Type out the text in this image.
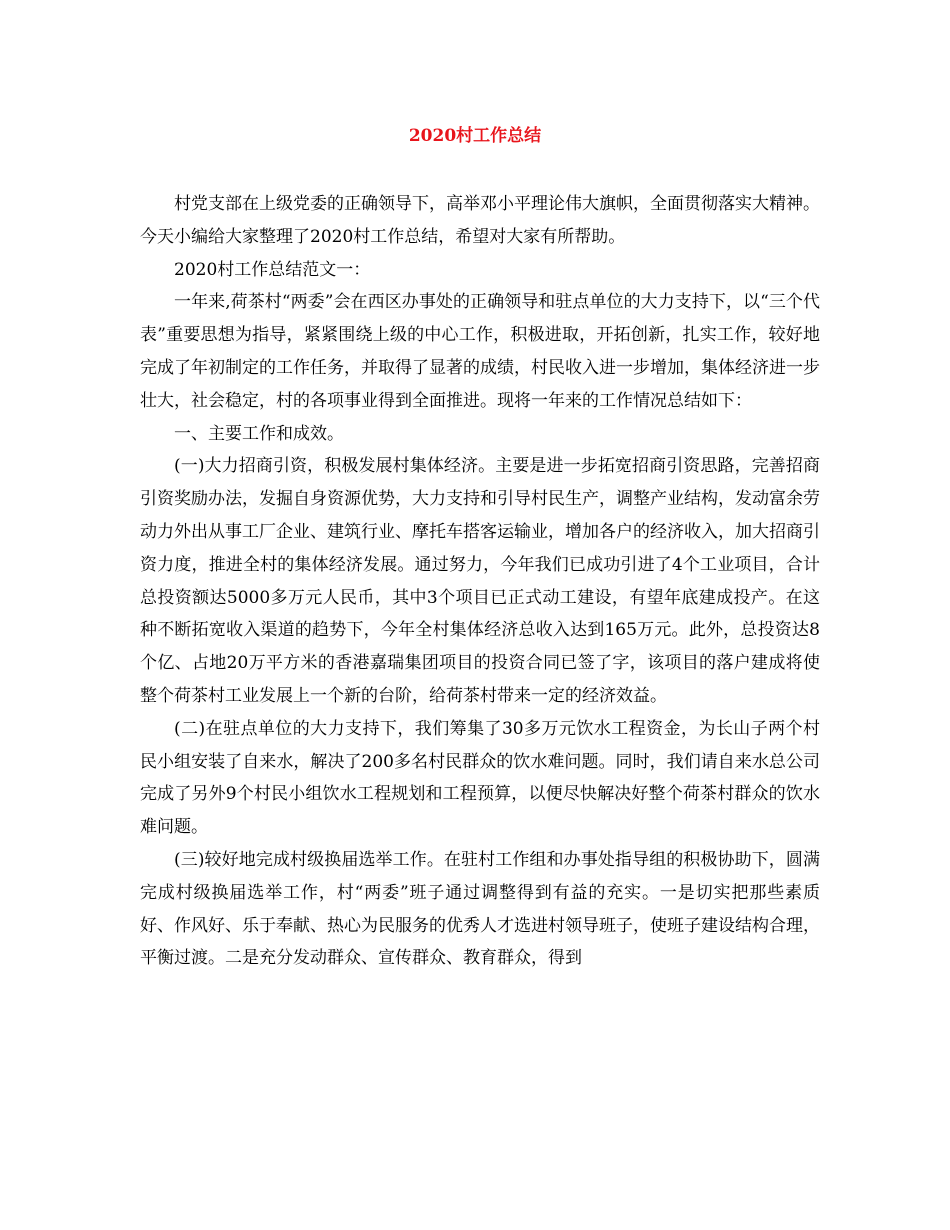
2020村工作总结

村党支部在上级党委的正确领导下，高举邓小平理论伟大旗帜，全面贯彻落实大精神。今天小编给大家整理了2020村工作总结，希望对大家有所帮助。

2020村工作总结范文一：

一年来,荷茶村“两委”会在西区办事处的正确领导和驻点单位的大力支持下，以“三个代表”重要思想为指导，紧紧围绕上级的中心工作，积极进取，开拓创新，扎实工作，较好地完成了年初制定的工作任务，并取得了显著的成绩，村民收入进一步增加，集体经济进一步壮大，社会稳定，村的各项事业得到全面推进。现将一年来的工作情况总结如下：

一、主要工作和成效。

(一)大力招商引资，积极发展村集体经济。主要是进一步拓宽招商引资思路，完善招商引资奖励办法，发掘自身资源优势，大力支持和引导村民生产，调整产业结构，发动富余劳动力外出从事工厂企业、建筑行业、摩托车搭客运输业，增加各户的经济收入，加大招商引资力度，推进全村的集体经济发展。通过努力，今年我们已成功引进了4个工业项目，合计总投资额达5000多万元人民币，其中3个项目已正式动工建设，有望年底建成投产。在这种不断拓宽收入渠道的趋势下，今年全村集体经济总收入达到165万元。此外，总投资达8个亿、占地20万平方米的香港嘉瑞集团项目的投资合同已签了字，该项目的落户建成将使整个荷茶村工业发展上一个新的台阶，给荷茶村带来一定的经济效益。

(二)在驻点单位的大力支持下，我们筹集了30多万元饮水工程资金，为长山子两个村民小组安装了自来水，解决了200多名村民群众的饮水难问题。同时，我们请自来水总公司完成了另外9个村民小组饮水工程规划和工程预算，以便尽快解决好整个荷茶村群众的饮水难问题。

(三)较好地完成村级换届选举工作。在驻村工作组和办事处指导组的积极协助下，圆满完成村级换届选举工作，村“两委”班子通过调整得到有益的充实。一是切实把那些素质好、作风好、乐于奉献、热心为民服务的优秀人才选进村领导班子，使班子建设结构合理，平衡过渡。二是充分发动群众、宣传群众、教育群众，得到
